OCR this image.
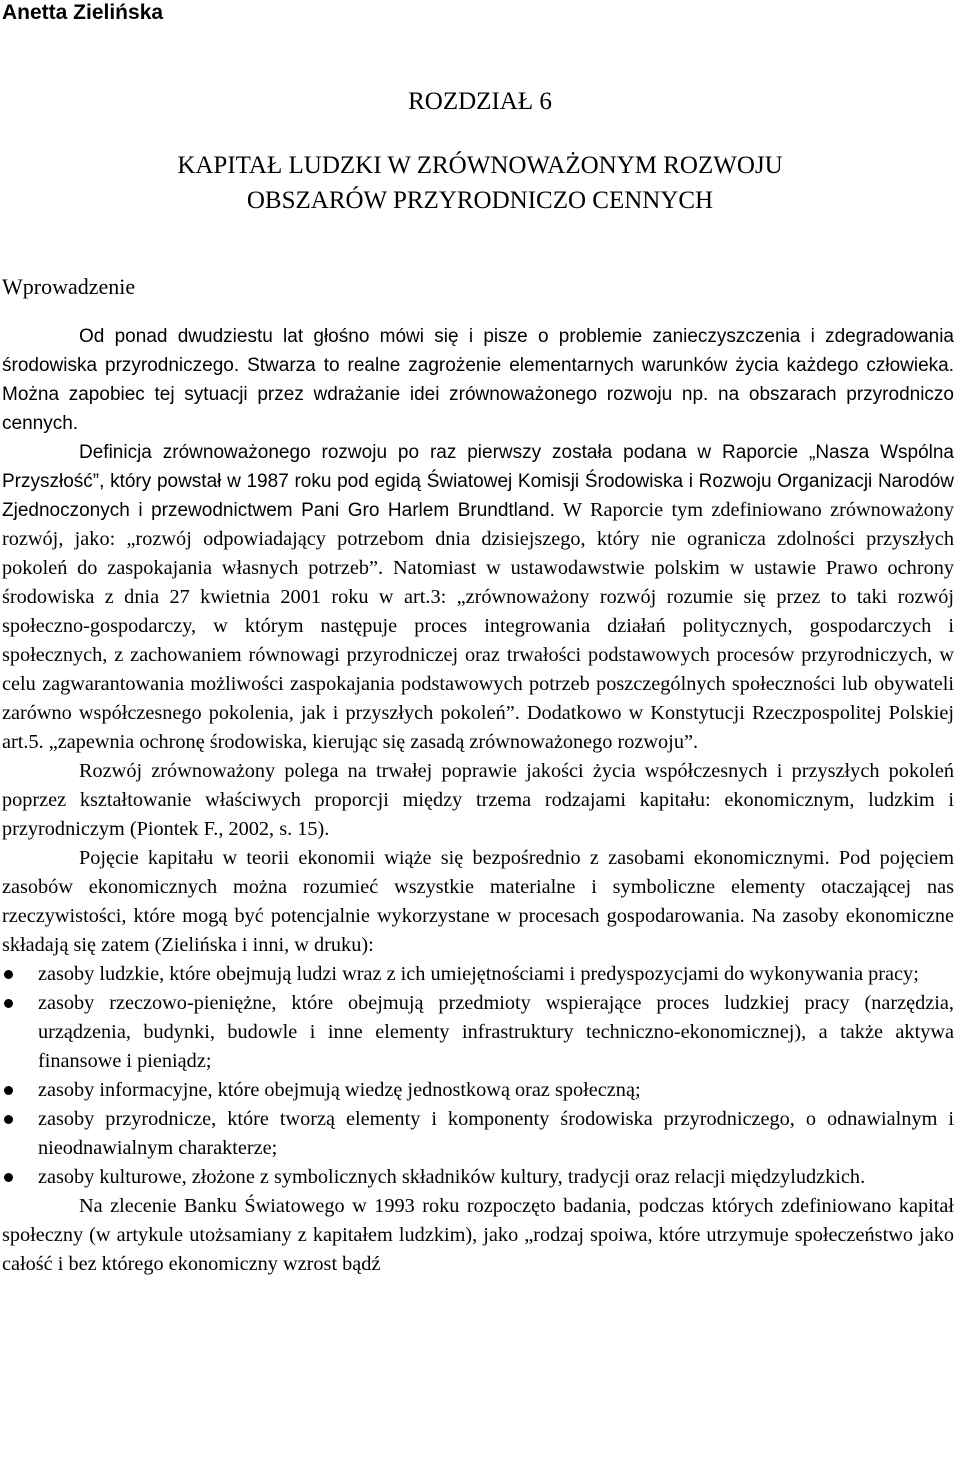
Anetta Zielińska
ROZDZIAŁ 6
KAPITAŁ LUDZKI W ZRÓWNOWAŻONYM ROZWOJU
OBSZARÓW PRZYRODNICZO CENNYCH
Wprowadzenie

Od ponad dwudziestu lat głośno mówi się i pisze o problemie zanieczyszczenia i zdegradowania środowiska przyrodniczego. Stwarza to realne zagrożenie elementarnych warunków życia każdego człowieka. Można zapobiec tej sytuacji przez wdrażanie idei zrównoważonego rozwoju np. na obszarach przyrodniczo cennych.

Definicja zrównoważonego rozwoju po raz pierwszy została podana w Raporcie „Nasza Wspólna Przyszłość”, który powstał w 1987 roku pod egidą Światowej Komisji Środowiska i Rozwoju Organizacji Narodów Zjednoczonych i przewodnictwem Pani Gro Harlem Brundtland. W Raporcie tym zdefiniowano zrównoważony rozwój, jako: „rozwój odpowiadający potrzebom dnia dzisiejszego, który nie ogranicza zdolności przyszłych pokoleń do zaspokajania własnych potrzeb”. Natomiast w ustawodawstwie polskim w ustawie Prawo ochrony środowiska z dnia 27 kwietnia 2001 roku w art.3: „zrównoważony rozwój rozumie się przez to taki rozwój społeczno-gospodarczy, w którym następuje proces integrowania działań politycznych, gospodarczych i społecznych, z zachowaniem równowagi przyrodniczej oraz trwałości podstawowych procesów przyrodniczych, w celu zagwarantowania możliwości zaspokajania podstawowych potrzeb poszczególnych społeczności lub obywateli zarówno współczesnego pokolenia, jak i przyszłych pokoleń”. Dodatkowo w Konstytucji Rzeczpospolitej Polskiej art.5. „zapewnia ochronę środowiska, kierując się zasadą zrównoważonego rozwoju”.

Rozwój zrównoważony polega na trwałej poprawie jakości życia współczesnych i przyszłych pokoleń poprzez kształtowanie właściwych proporcji między trzema rodzajami kapitału: ekonomicznym, ludzkim i przyrodniczym (Piontek F., 2002, s. 15).

Pojęcie kapitału w teorii ekonomii wiąże się bezpośrednio z zasobami ekonomicznymi. Pod pojęciem zasobów ekonomicznych można rozumieć wszystkie materialne i symboliczne elementy otaczającej nas rzeczywistości, które mogą być potencjalnie wykorzystane w procesach gospodarowania. Na zasoby ekonomiczne składają się zatem (Zielińska i inni, w druku):

zasoby ludzkie, które obejmują ludzi wraz z ich umiejętnościami i predyspozycjami do wykonywania pracy;
zasoby rzeczowo-pieniężne, które obejmują przedmioty wspierające proces ludzkiej pracy (narzędzia, urządzenia, budynki, budowle i inne elementy infrastruktury techniczno-ekonomicznej), a także aktywa finansowe i pieniądz;
zasoby informacyjne, które obejmują wiedzę jednostkową oraz społeczną;
zasoby przyrodnicze, które tworzą elementy i komponenty środowiska przyrodniczego, o odnawialnym i nieodnawialnym charakterze;
zasoby kulturowe, złożone z symbolicznych składników kultury, tradycji oraz relacji międzyludzkich.

Na zlecenie Banku Światowego w 1993 roku rozpoczęto badania, podczas których zdefiniowano kapitał społeczny (w artykule utożsamiany z kapitałem ludzkim), jako „rodzaj spoiwa, które utrzymuje społeczeństwo jako całość i bez którego ekonomiczny wzrost bądź
